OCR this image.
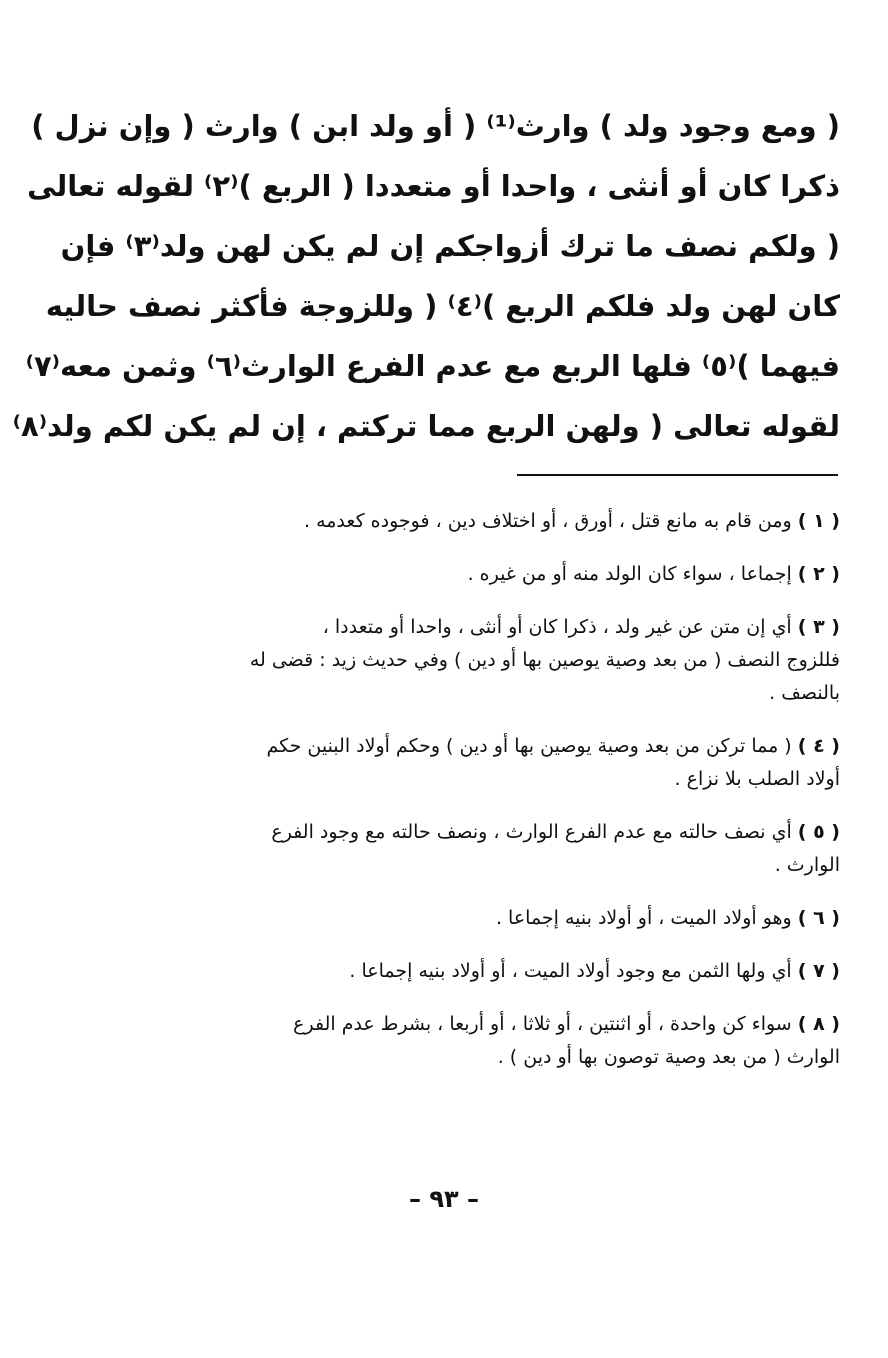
( ومع وجود ولد ) وارث⁽¹⁾ ( أو ولد ابن ) وارث ( وإن نزل )
ذكرا كان أو أنثى ، واحدا أو متعددا ( الربع )⁽٢⁾ لقوله تعالى
( ولكم نصف ما ترك أزواجكم إن لم يكن لهن ولد⁽٣⁾ فإن
كان لهن ولد فلكم الربع )⁽٤⁾ ( وللزوجة فأكثر نصف حاليه
فيهما )⁽٥⁾ فلها الربع مع عدم الفرع الوارث⁽٦⁾ وثمن معه⁽٧⁾
لقوله تعالى ( ولهن الربع مما تركتم ، إن لم يكن لكم ولد⁽٨⁾
( ١ ) ومن قام به مانع قتل ، أورق ، أو اختلاف دين ، فوجوده كعدمه .
( ٢ ) إجماعا ، سواء كان الولد منه أو من غيره .
( ٣ ) أي إن متن عن غير ولد ، ذكرا كان أو أنثى ، واحدا أو متعددا ،
فللزوج النصف ( من بعد وصية يوصين بها أو دين ) وفي حديث زيد : قضى له
بالنصف .
( ٤ ) ( مما تركن من بعد وصية يوصين بها أو دين ) وحكم أولاد البنين حكم
أولاد الصلب بلا نزاع .
( ٥ ) أي نصف حالته مع عدم الفرع الوارث ، ونصف حالته مع وجود الفرع
الوارث .
( ٦ ) وهو أولاد الميت ، أو أولاد بنيه إجماعا .
( ٧ ) أي ولها الثمن مع وجود أولاد الميت ، أو أولاد بنيه إجماعا .
( ٨ ) سواء كن واحدة ، أو اثنتين ، أو ثلاثا ، أو أربعا ، بشرط عدم الفرع
الوارث ( من بعد وصية توصون بها أو دين ) .
– ٩٣ –
